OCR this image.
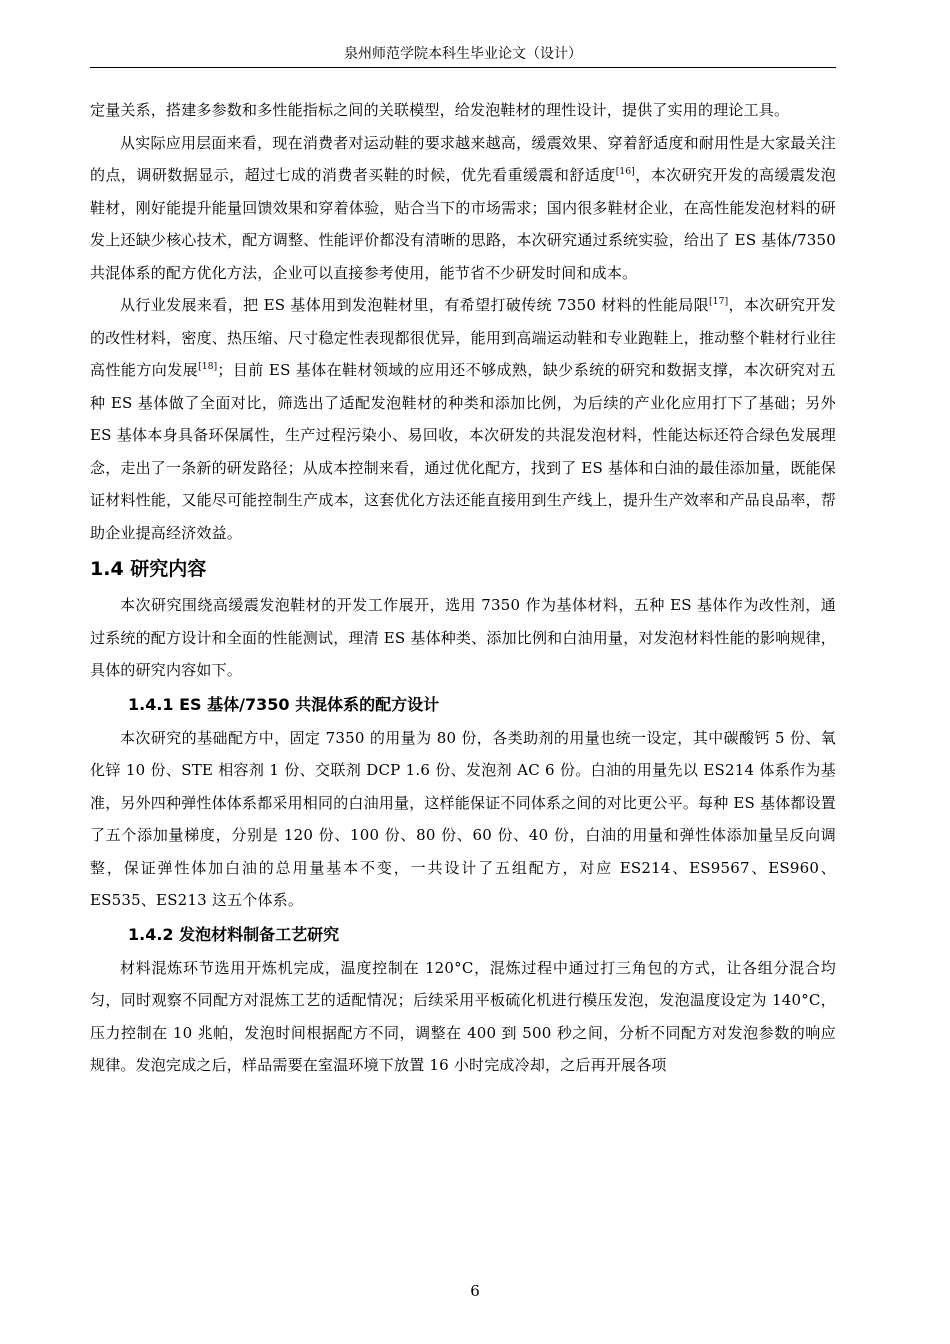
泉州师范学院本科生毕业论文（设计）

定量关系，搭建多参数和多性能指标之间的关联模型，给发泡鞋材的理性设计，提供了实用的理论工具。

从实际应用层面来看，现在消费者对运动鞋的要求越来越高，缓震效果、穿着舒适度和耐用性是大家最关注的点，调研数据显示，超过七成的消费者买鞋的时候，优先看重缓震和舒适度[16]，本次研究开发的高缓震发泡鞋材，刚好能提升能量回馈效果和穿着体验，贴合当下的市场需求；国内很多鞋材企业，在高性能发泡材料的研发上还缺少核心技术，配方调整、性能评价都没有清晰的思路，本次研究通过系统实验，给出了 ES 基体/7350 共混体系的配方优化方法，企业可以直接参考使用，能节省不少研发时间和成本。

从行业发展来看，把 ES 基体用到发泡鞋材里，有希望打破传统 7350 材料的性能局限[17]，本次研究开发的改性材料，密度、热压缩、尺寸稳定性表现都很优异，能用到高端运动鞋和专业跑鞋上，推动整个鞋材行业往高性能方向发展[18]；目前 ES 基体在鞋材领域的应用还不够成熟，缺少系统的研究和数据支撑，本次研究对五种 ES 基体做了全面对比，筛选出了适配发泡鞋材的种类和添加比例，为后续的产业化应用打下了基础；另外 ES 基体本身具备环保属性，生产过程污染小、易回收，本次研发的共混发泡材料，性能达标还符合绿色发展理念，走出了一条新的研发路径；从成本控制来看，通过优化配方，找到了 ES 基体和白油的最佳添加量，既能保证材料性能，又能尽可能控制生产成本，这套优化方法还能直接用到生产线上，提升生产效率和产品良品率，帮助企业提高经济效益。

1.4 研究内容

本次研究围绕高缓震发泡鞋材的开发工作展开，选用 7350 作为基体材料，五种 ES 基体作为改性剂，通过系统的配方设计和全面的性能测试，理清 ES 基体种类、添加比例和白油用量，对发泡材料性能的影响规律，具体的研究内容如下。

1.4.1 ES 基体/7350 共混体系的配方设计

本次研究的基础配方中，固定 7350 的用量为 80 份，各类助剂的用量也统一设定，其中碳酸钙 5 份、氧化锌 10 份、STE 相容剂 1 份、交联剂 DCP 1.6 份、发泡剂 AC 6 份。白油的用量先以 ES214 体系作为基准，另外四种弹性体体系都采用相同的白油用量，这样能保证不同体系之间的对比更公平。每种 ES 基体都设置了五个添加量梯度，分别是 120 份、100 份、80 份、60 份、40 份，白油的用量和弹性体添加量呈反向调整，保证弹性体加白油的总用量基本不变，一共设计了五组配方，对应 ES214、ES9567、ES960、ES535、ES213 这五个体系。

1.4.2 发泡材料制备工艺研究

材料混炼环节选用开炼机完成，温度控制在 120°C，混炼过程中通过打三角包的方式，让各组分混合均匀，同时观察不同配方对混炼工艺的适配情况；后续采用平板硫化机进行模压发泡，发泡温度设定为 140°C，压力控制在 10 兆帕，发泡时间根据配方不同，调整在 400 到 500 秒之间，分析不同配方对发泡参数的响应规律。发泡完成之后，样品需要在室温环境下放置 16 小时完成冷却，之后再开展各项

6
